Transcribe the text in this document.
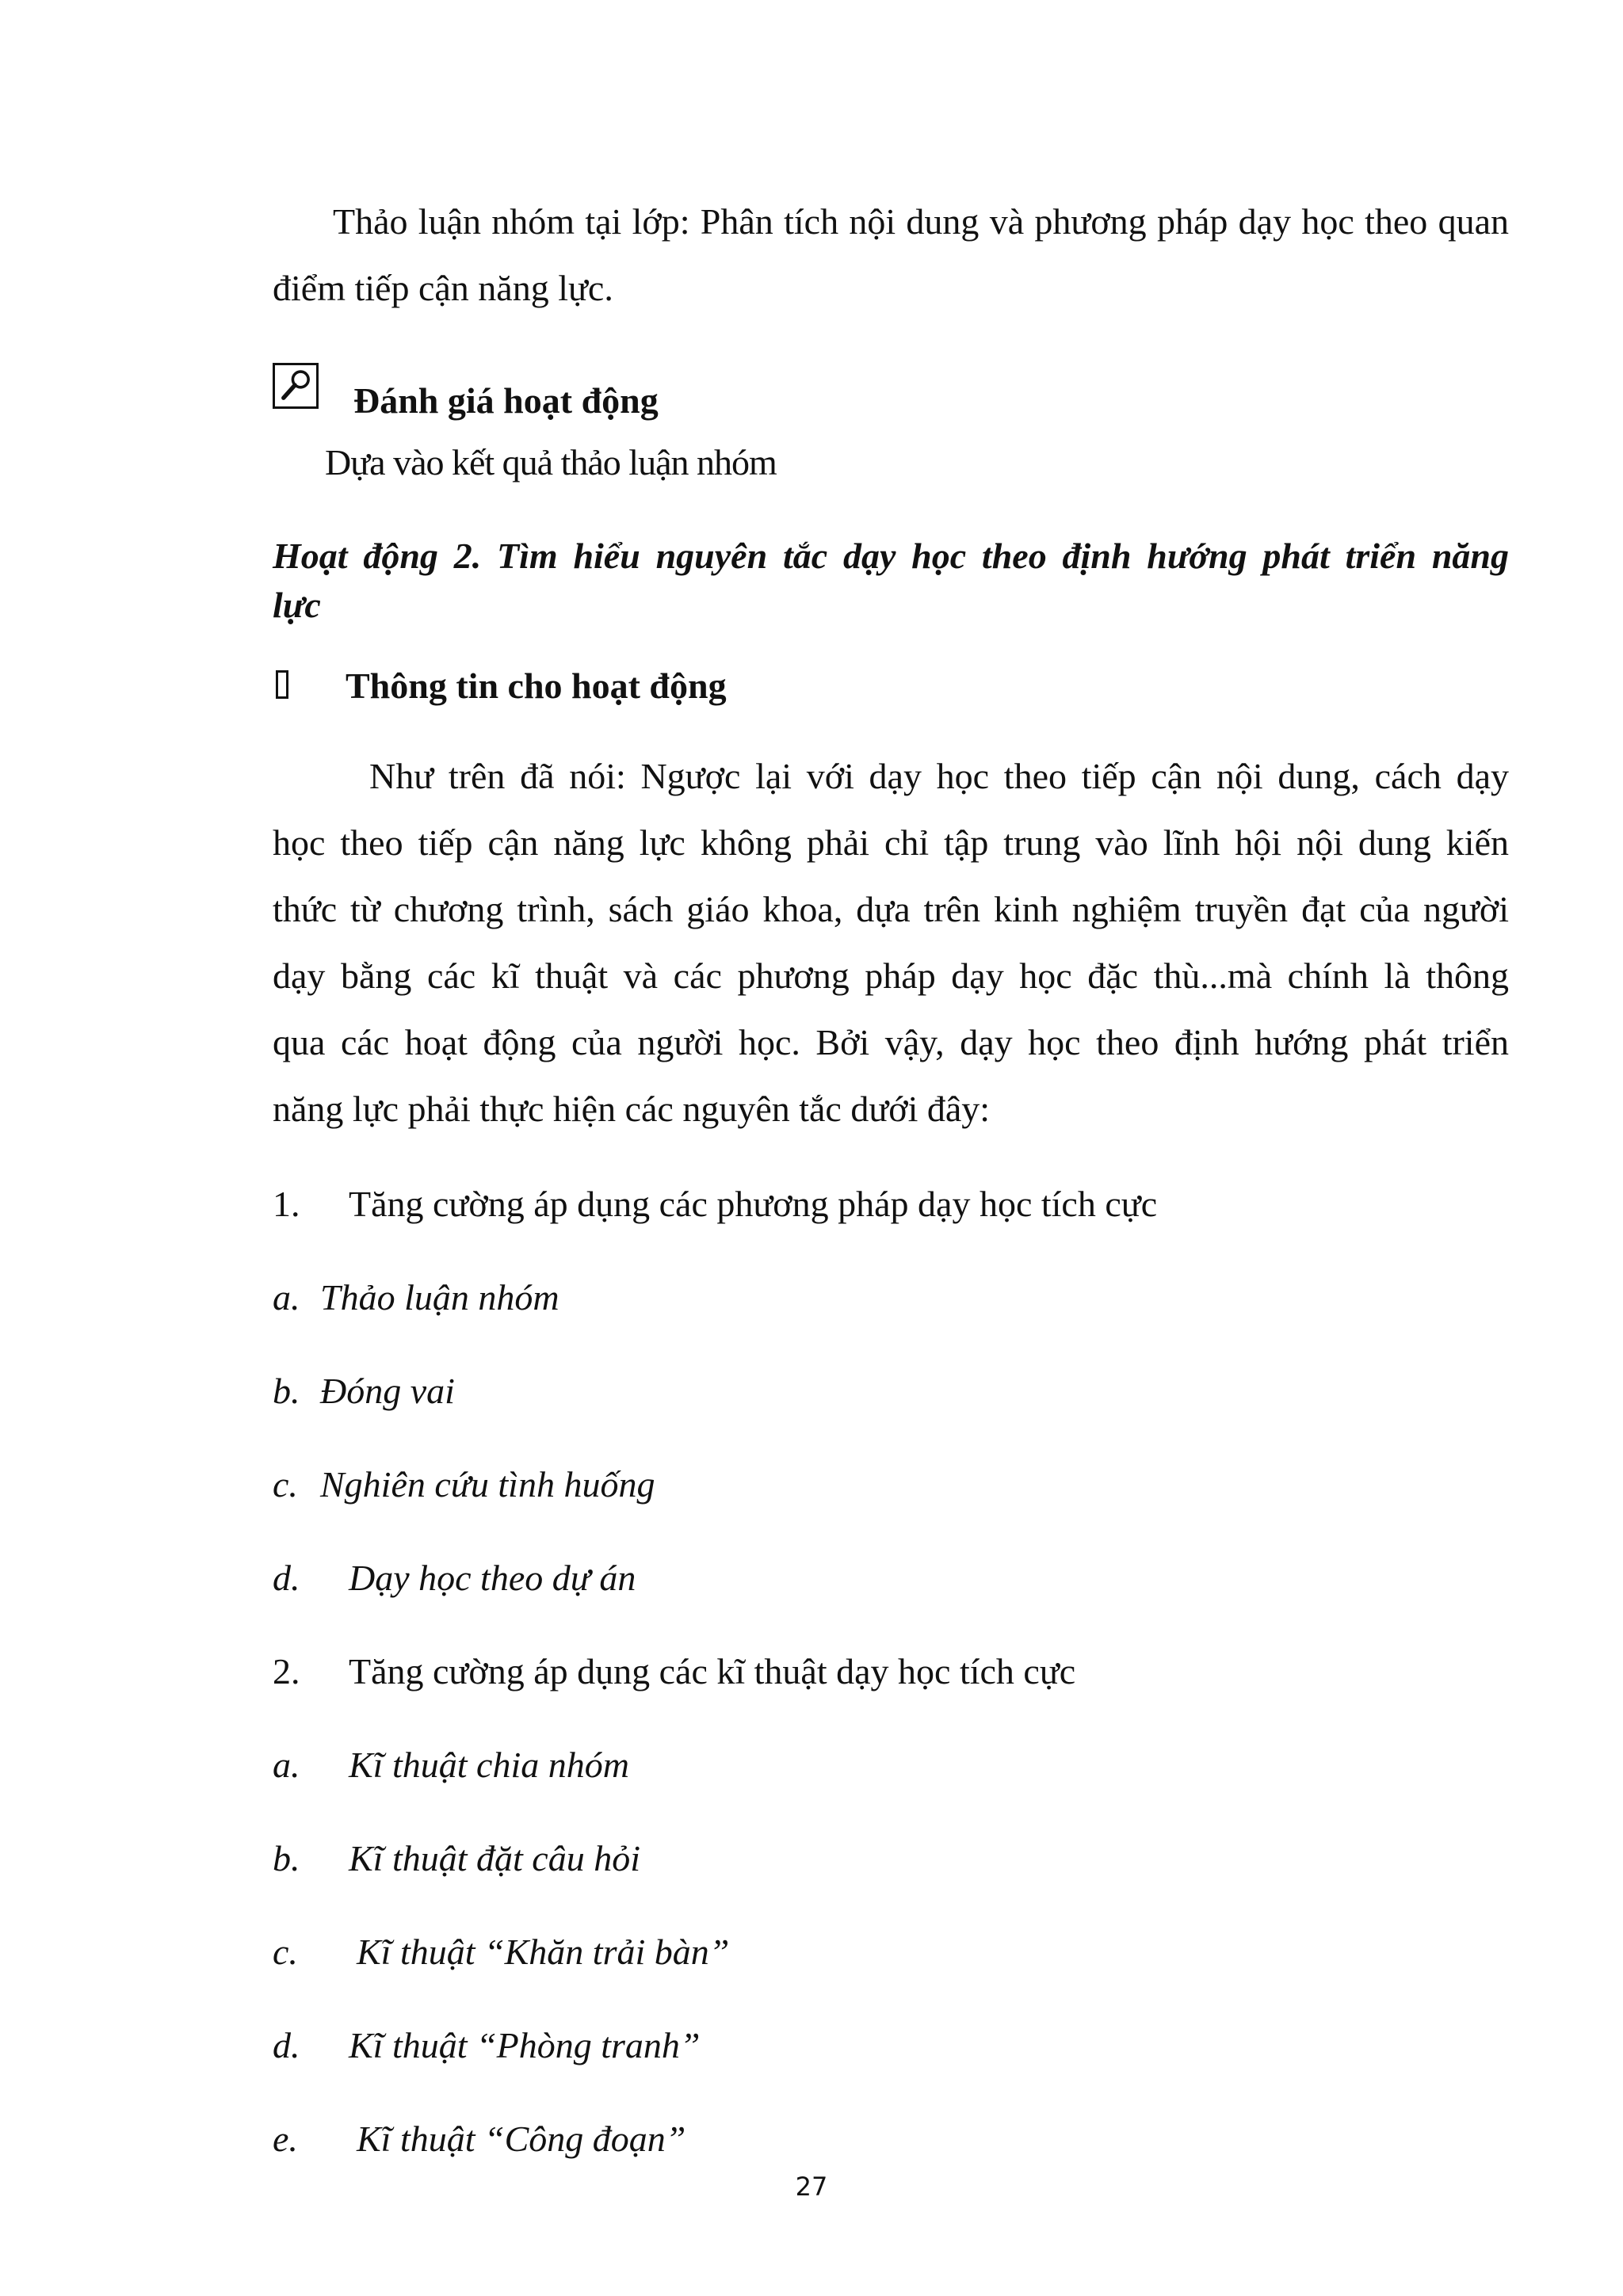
Thảo luận nhóm tại lớp: Phân tích nội dung và phương pháp dạy học theo quan
điểm tiếp cận năng lực.
Đánh giá hoạt động
Dựa vào kết quả thảo luận nhóm
Hoạt động 2. Tìm hiểu nguyên tắc dạy học theo định hướng phát triển năng
lực
Thông tin cho hoạt động
Như trên đã nói: Ngược lại với dạy học theo tiếp cận nội dung, cách dạy
học theo tiếp cận năng lực không phải chỉ tập trung vào lĩnh hội nội dung kiến
thức từ chương trình, sách giáo khoa, dựa trên kinh nghiệm truyền đạt của người
dạy bằng các kĩ thuật và các phương pháp dạy học đặc thù...mà chính là thông
qua các hoạt động của người học. Bởi vậy, dạy học theo định hướng phát triển
năng lực phải thực hiện các nguyên tắc dưới đây:
1. Tăng cường áp dụng các phương pháp dạy học tích cực
a. Thảo luận nhóm
b. Đóng vai
c. Nghiên cứu tình huống
d. Dạy học theo dự án
2. Tăng cường áp dụng các kĩ thuật dạy học tích cực
a. Kĩ thuật chia nhóm
b. Kĩ thuật đặt câu hỏi
c. Kĩ thuật “Khăn trải bàn”
d. Kĩ thuật “Phòng tranh”
e. Kĩ thuật “Công đoạn”
27
